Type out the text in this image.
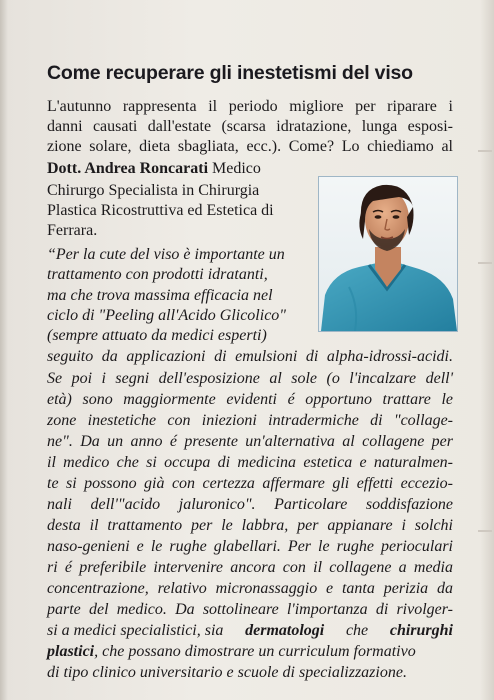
Come recuperare gli inestetismi del viso
L'autunno rappresenta il periodo migliore per riparare i
danni causati dall'estate (scarsa idratazione, lunga esposi-
zione solare, dieta sbagliata, ecc.). Come? Lo chiediamo al
Dott. Andrea Roncarati Medico
Chirurgo Specialista in Chirurgia
Plastica Ricostruttiva ed Estetica di
Ferrara.
“Per la cute del viso è importante un
trattamento con prodotti idratanti,
ma che trova massima efficacia nel
ciclo di "Peeling all'Acido Glicolico"
(sempre attuato da medici esperti)
seguito da applicazioni di emulsioni di alpha-idrossi-acidi.
Se poi i segni dell'esposizione al sole (o l'incalzare dell'
età) sono maggiormente evidenti é opportuno trattare le
zone inestetiche con iniezioni intradermiche di "collage-
ne". Da un anno é presente un'alternativa al collagene per
il medico che si occupa di medicina estetica e naturalmen-
te si possono già con certezza affermare gli effetti eccezio-
nali dell'"acido jaluronico". Particolare soddisfazione
desta il trattamento per le labbra, per appianare i solchi
naso-genieni e le rughe glabellari. Per le rughe perioculari
ri é preferibile intervenire ancora con il collagene a media
concentrazione, relativo micronassaggio e tanta perizia da
parte del medico. Da sottolineare l'importanza di rivolger-
si a medici specialistici, sia dermatologi che chirurghi
plastici, che possano dimostrare un curriculum formativo
di tipo clinico universitario e scuole di specializzazione.
